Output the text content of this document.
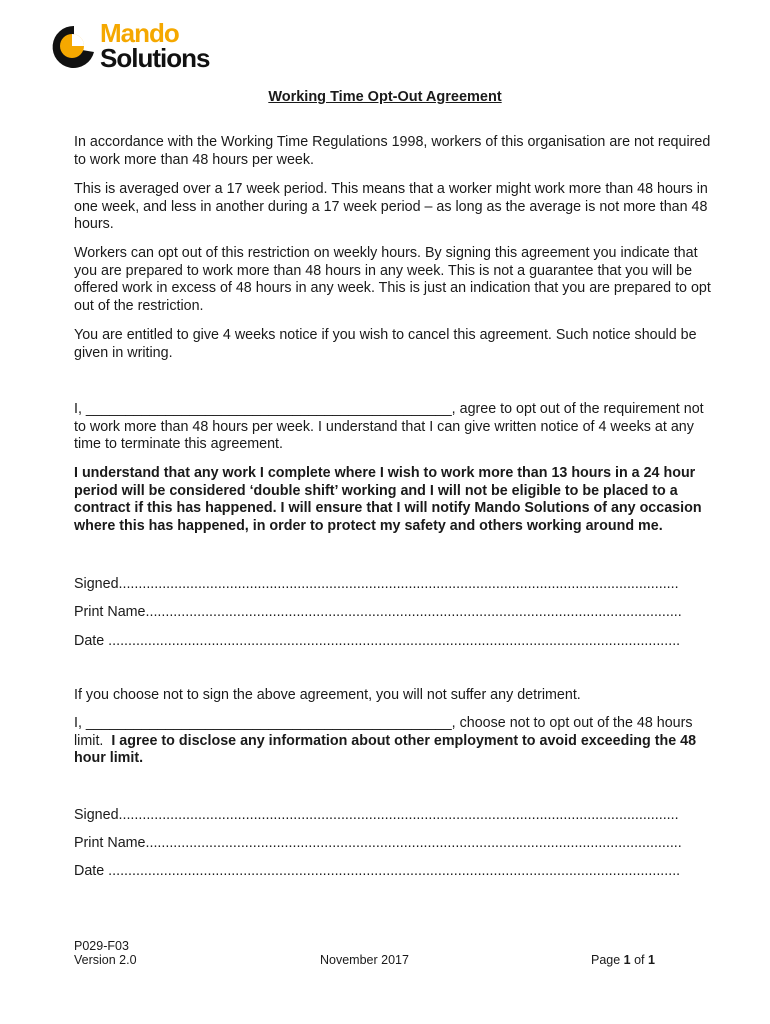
Mando
Solutions
Working Time Opt-Out Agreement
In accordance with the Working Time Regulations 1998, workers of this organisation are not required to work more than 48 hours per week.
This is averaged over a 17 week period. This means that a worker might work more than 48 hours in one week, and less in another during a 17 week period – as long as the average is not more than 48 hours.
Workers can opt out of this restriction on weekly hours. By signing this agreement you indicate that you are prepared to work more than 48 hours in any week. This is not a guarantee that you will be offered work in excess of 48 hours in any week. This is just an indication that you are prepared to opt out of the restriction.
You are entitled to give 4 weeks notice if you wish to cancel this agreement. Such notice should be given in writing.
I, ______________________________________________, agree to opt out of the requirement not to work more than 48 hours per week. I understand that I can give written notice of 4 weeks at any time to terminate this agreement.
I understand that any work I complete where I wish to work more than 13 hours in a 24 hour period will be considered ‘double shift’ working and I will not be eligible to be placed to a contract if this has happened. I will ensure that I will notify Mando Solutions of any occasion where this has happened, in order to protect my safety and others working around me.
Signed.............................................................................................................................................
Print Name.......................................................................................................................................
Date ................................................................................................................................................
If you choose not to sign the above agreement, you will not suffer any detriment.
I, ______________________________________________, choose not to opt out of the 48 hours limit. I agree to disclose any information about other employment to avoid exceeding the 48 hour limit.
Signed.............................................................................................................................................
Print Name.......................................................................................................................................
Date ................................................................................................................................................
P029-F03
Version 2.0	November 2017	Page 1 of 1
